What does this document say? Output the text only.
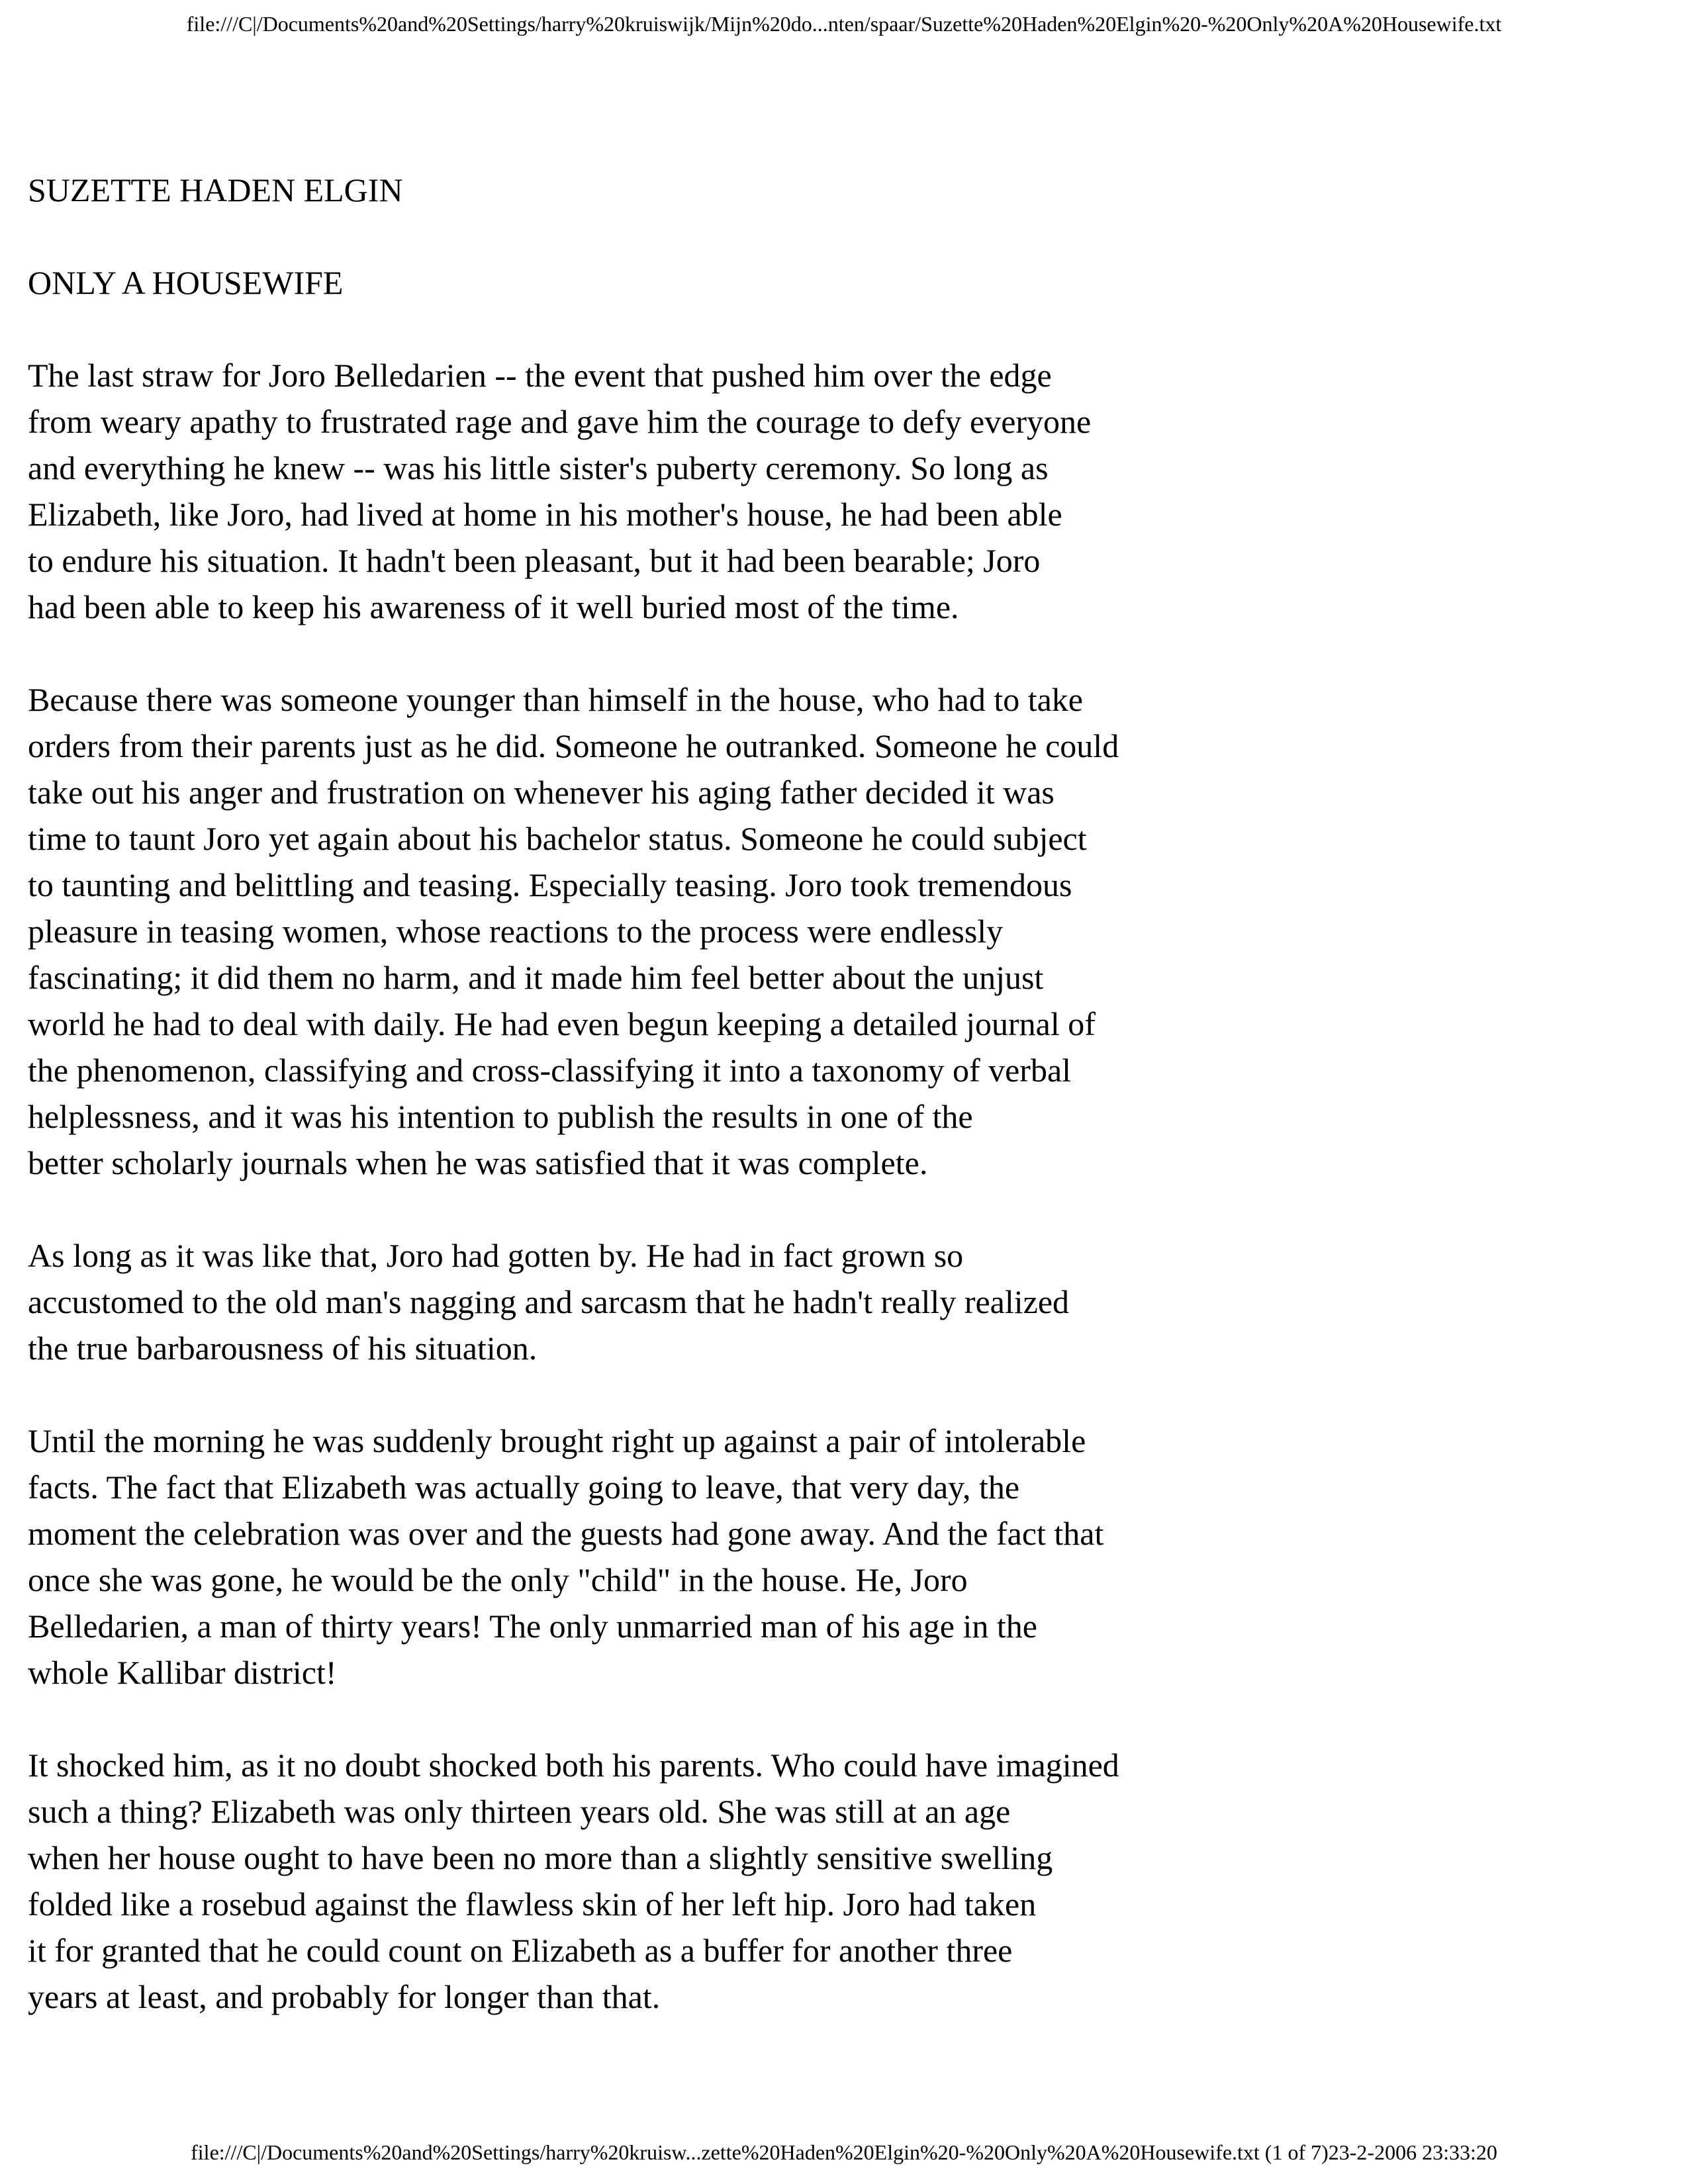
file:///C|/Documents%20and%20Settings/harry%20kruiswijk/Mijn%20do...nten/spaar/Suzette%20Haden%20Elgin%20-%20Only%20A%20Housewife.txt

SUZETTE HADEN ELGIN

ONLY A HOUSEWIFE

The last straw for Joro Belledarien -- the event that pushed him over the edge

from weary apathy to frustrated rage and gave him the courage to defy everyone

and everything he knew -- was his little sister's puberty ceremony. So long as

Elizabeth, like Joro, had lived at home in his mother's house, he had been able

to endure his situation. It hadn't been pleasant, but it had been bearable; Joro

had been able to keep his awareness of it well buried most of the time.

Because there was someone younger than himself in the house, who had to take

orders from their parents just as he did. Someone he outranked. Someone he could

take out his anger and frustration on whenever his aging father decided it was

time to taunt Joro yet again about his bachelor status. Someone he could subject

to taunting and belittling and teasing. Especially teasing. Joro took tremendous

pleasure in teasing women, whose reactions to the process were endlessly

fascinating; it did them no harm, and it made him feel better about the unjust

world he had to deal with daily. He had even begun keeping a detailed journal of

the phenomenon, classifying and cross-classifying it into a taxonomy of verbal

helplessness, and it was his intention to publish the results in one of the

better scholarly journals when he was satisfied that it was complete.

As long as it was like that, Joro had gotten by. He had in fact grown so

accustomed to the old man's nagging and sarcasm that he hadn't really realized

the true barbarousness of his situation.

Until the morning he was suddenly brought right up against a pair of intolerable

facts. The fact that Elizabeth was actually going to leave, that very day, the

moment the celebration was over and the guests had gone away. And the fact that

once she was gone, he would be the only "child" in the house. He, Joro

Belledarien, a man of thirty years! The only unmarried man of his age in the

whole Kallibar district!

It shocked him, as it no doubt shocked both his parents. Who could have imagined

such a thing? Elizabeth was only thirteen years old. She was still at an age

when her house ought to have been no more than a slightly sensitive swelling

folded like a rosebud against the flawless skin of her left hip. Joro had taken

it for granted that he could count on Elizabeth as a buffer for another three

years at least, and probably for longer than that.

file:///C|/Documents%20and%20Settings/harry%20kruisw...zette%20Haden%20Elgin%20-%20Only%20A%20Housewife.txt (1 of 7)23-2-2006 23:33:20
